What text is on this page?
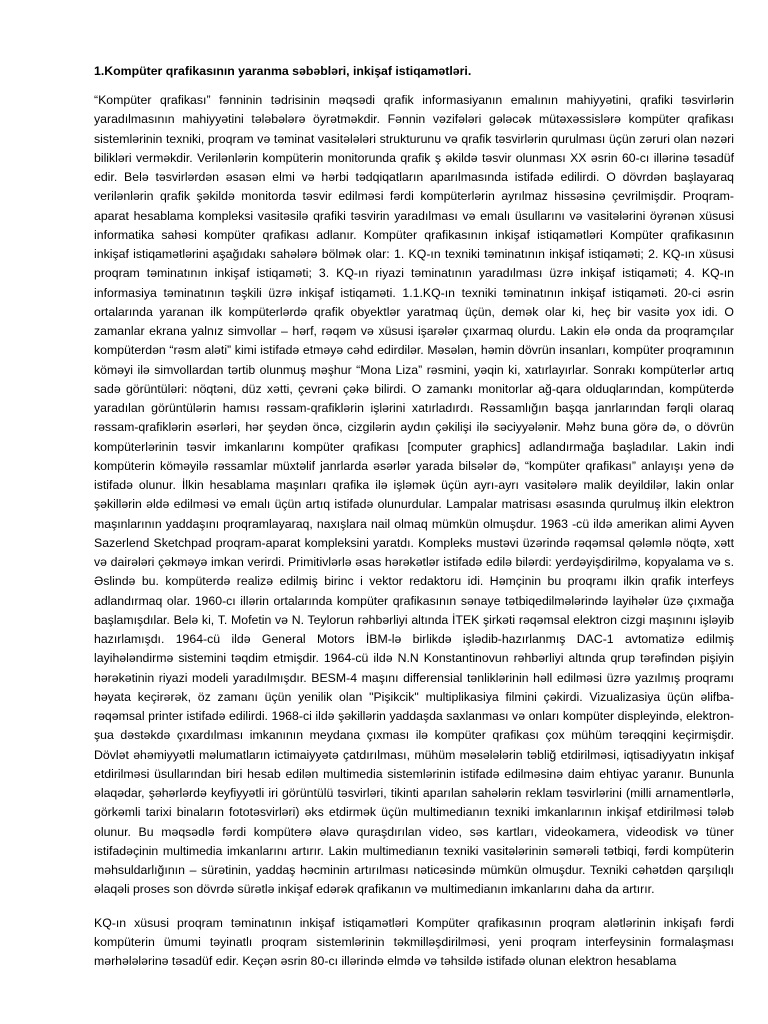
1.Kompüter qrafikasının yaranma səbəbləri, inkişaf istiqamətləri.

“Kompüter qrafikası” fənninin tədrisinin məqsədi qrafik informasiyanın emalının mahiyyətini, qrafiki təsvirlərin yaradılmasının mahiyyətini tələbələrə öyrətməkdir. Fənnin vəzifələri gələcək mütəxəssislərə kompüter qrafikası sistemlərinin texniki, proqram və təminat vasitələləri strukturunu və qrafik təsvirlərin qurulması üçün zəruri olan nəzəri bilikləri verməkdir. Verilənlərin kompüterin monitorunda qrafik ş əkildə təsvir olunması XX əsrin 60-cı illərinə təsadüf edir. Belə təsvirlərdən əsasən elmi və hərbi tədqiqatların aparılmasında istifadə edilirdi. O dövrdən başlayaraq verilənlərin qrafik şəkildə monitorda təsvir edilməsi fərdi kompüterlərin ayrılmaz hissəsinə çevrilmişdir. Proqram-aparat hesablama kompleksi vasitəsilə qrafiki təsvirin yaradılması və emalı üsullarını və vasitələrini öyrənən xüsusi informatika sahəsi kompüter qrafikası adlanır. Kompüter qrafikasının inkişaf istiqamətləri Kompüter qrafikasının inkişaf istiqamətlərini aşağıdakı sahələrə bölmək olar: 1. KQ-ın texniki təminatının inkişaf istiqaməti; 2. KQ-ın xüsusi proqram təminatının inkişaf istiqaməti; 3. KQ-ın riyazi təminatının yaradılması üzrə inkişaf istiqaməti; 4. KQ-ın informasiya təminatının təşkili üzrə inkişaf istiqaməti. 1.1.KQ-ın texniki təminatının inkişaf istiqaməti. 20-ci əsrin ortalarında yaranan ilk kompüterlərdə qrafik obyektlər yaratmaq üçün, demək olar ki, heç bir vasitə yox idi. O zamanlar ekrana yalnız simvollar – hərf, rəqəm və xüsusi işarələr çıxarmaq olurdu. Lakin elə onda da proqramçılar kompüterdən “rəsm aləti” kimi istifadə etməyə cəhd edirdilər. Məsələn, həmin dövrün insanları, kompüter proqramının köməyi ilə simvollardan tərtib olunmuş məşhur “Mona Liza” rəsmini, yəqin ki, xatırlayırlar. Sonrakı kompüterlər artıq sadə görüntüləri: nöqtəni, düz xətti, çevrəni çəkə bilirdi. O zamankı monitorlar ağ-qara olduqlarından, kompüterdə yaradılan görüntülərin hamısı rəssam-qrafiklərin işlərini xatırladırdı. Rəssamlığın başqa janrlarından fərqli olaraq rəssam-qrafiklərin əsərləri, hər şeydən öncə, cizgilərin aydın çəkilişi ilə səciyyələnir. Məhz buna görə də, o dövrün kompüterlərinin təsvir imkanlarını kompüter qrafikası [computer graphics] adlandırmağa başladılar. Lakin indi kompüterin köməyilə rəssamlar müxtəlif janrlarda əsərlər yarada bilsələr də, “kompüter qrafikası” anlayışı yenə də istifadə olunur. İlkin hesablama maşınları qrafika ilə işləmək üçün ayrı-ayrı vasitələrə malik deyildilər, lakin onlar şəkillərin əldə edilməsi və emalı üçün artıq istifadə olunurdular. Lampalar matrisası əsasında qurulmuş ilkin elektron maşınlarının yaddaşını proqramlayaraq, naxışlara nail olmaq mümkün olmuşdur. 1963 -cü ildə amerikan alimi Ayven Sazerlend Sketchpad proqram-aparat kompleksini yaratdı. Kompleks mustəvi üzərində rəqəmsal qələmlə nöqtə, xətt və dairələri çəkməyə imkan verirdi. Primitivlərlə əsas hərəkətlər istifadə edilə bilərdi: yerdəyişdirilmə, kopyalama və s. Əslində bu. kompüterdə realizə edilmiş birinc i vektor redaktoru idi. Həmçinin bu proqramı ilkin qrafik interfeys adlandırmaq olar. 1960-cı illərin ortalarında kompüter qrafikasının sənaye tətbiqedilmələrində layihələr üzə çıxmağa başlamışdılar. Belə ki, T. Mofetin və N. Teylorun rəhbərliyi altında İTEK şirkəti rəqəmsal elektron cizgi maşınını işləyib hazırlamışdı. 1964-cü ildə General Motors İBM-lə birlikdə işlədib-hazırlanmış DAC-1 avtomatizə edilmiş layihələndirmə sistemini təqdim etmişdir. 1964-cü ildə N.N Konstantinovun rəhbərliyi altında qrup tərəfindən pişiyin hərəkətinin riyazi modeli yaradılmışdır. BESM-4 maşını differensial tənliklərinin həll edilməsi üzrə yazılmış proqramı həyata keçirərək, öz zamanı üçün yenilik olan "Pişikcik" multiplikasiya filmini çəkirdi. Vizualizasiya üçün əlifba-rəqəmsal printer istifadə edilirdi. 1968-ci ildə şəkillərin yaddaşda saxlanması və onları kompüter displeyində, elektron-şua dəstəkdə çıxardılması imkanının meydana çıxması ilə kompüter qrafikası çox mühüm tərəqqini keçirmişdir. Dövlət əhəmiyyətli məlumatların ictimaiyyətə çatdırılması, mühüm məsələlərin təbliğ etdirilməsi, iqtisadiyyatın inkişaf etdirilməsi üsullarından biri hesab edilən multimedia sistemlərinin istifadə edilməsinə daim ehtiyac yaranır. Bununla əlaqədar, şəhərlərdə keyfiyyətli iri görüntülü təsvirləri, tikinti aparılan sahələrin reklam təsvirlərini (milli arnamentlərlə, görkəmli tarixi binaların fototəsvirləri) əks etdirmək üçün multimedianın texniki imkanlarının inkişaf etdirilməsi tələb olunur. Bu məqsədlə fərdi kompüterə əlavə quraşdırılan video, səs kartları, videokamera, videodisk və tüner istifadəçinin multimedia imkanlarını artırır. Lakin multimedianın texniki vasitələrinin səmərəli tətbiqi, fərdi kompüterin məhsuldarlığının – sürətinin, yaddaş həcminin artırılması nəticəsində mümkün olmuşdur. Texniki cəhətdən qarşılıqlı əlaqəli proses son dövrdə sürətlə inkişaf edərək qrafikanın və multimedianın imkanlarını daha da artırır.

KQ-ın xüsusi proqram təminatının inkişaf istiqamətləri Kompüter qrafikasının proqram alətlərinin inkişafı fərdi kompüterin ümumi təyinatlı proqram sistemlərinin təkmilləşdirilməsi, yeni proqram interfeysinin formalaşması mərhələlərinə təsadüf edir. Keçən əsrin 80-cı illərində elmdə və təhsildə istifadə olunan elektron hesablama
